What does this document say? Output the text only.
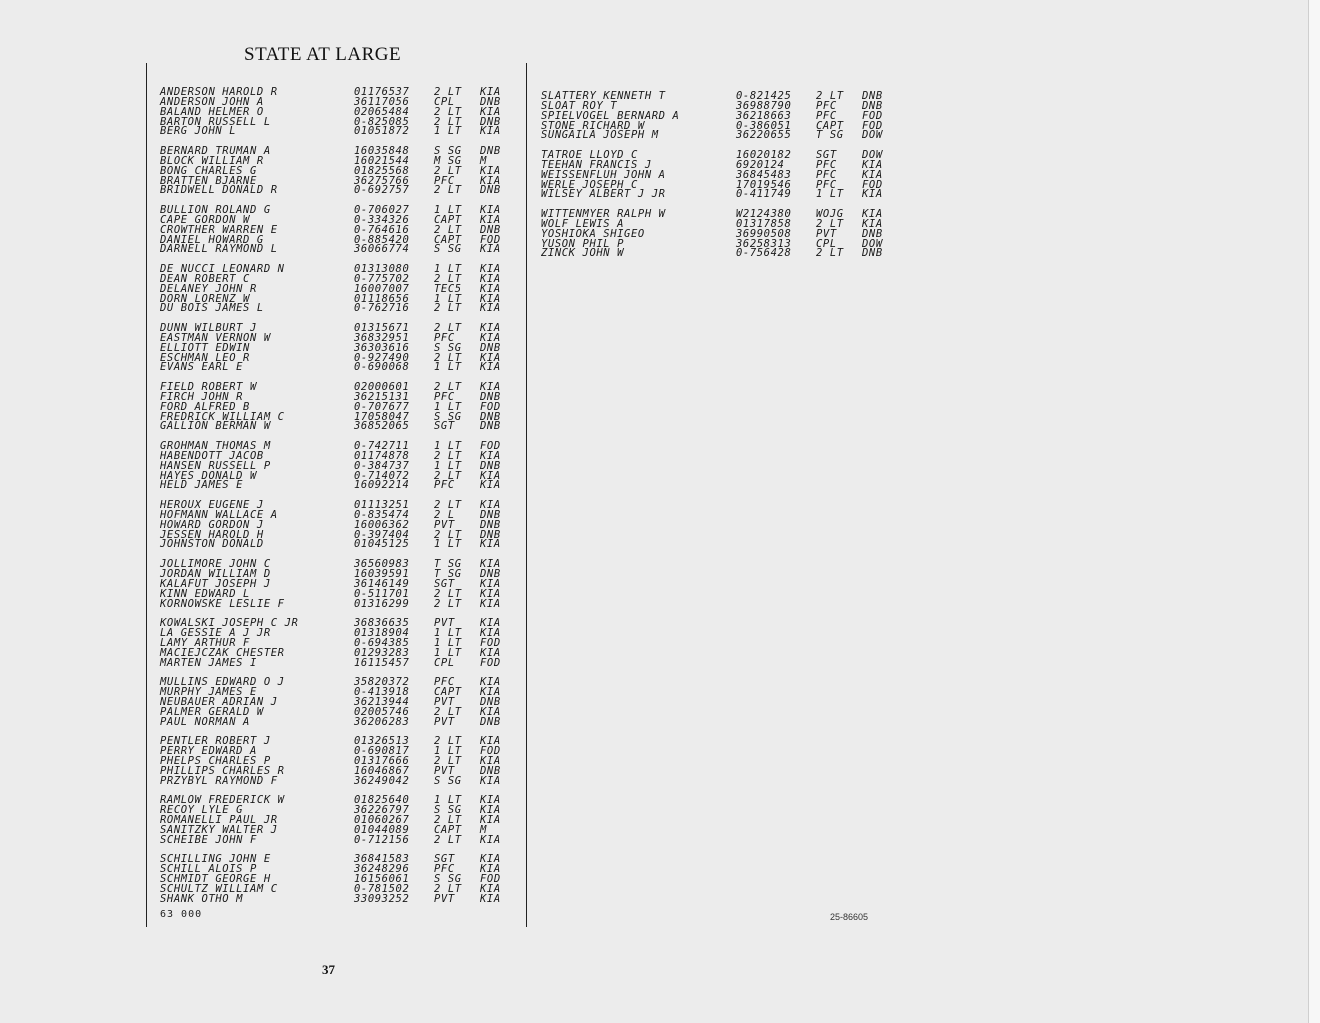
STATE AT LARGE
ANDERSON HAROLD R	01176537 2 LT KIA
ANDERSON JOHN A	36117056 CPL DNB
BALAND HELMER O	02065484 2 LT KIA
BARTON RUSSELL L	0-825085 2 LT DNB
BERG JOHN L	01051872 1 LT KIA
BERNARD TRUMAN A	16035848 S SG DNB
BLOCK WILLIAM R	16021544 M SG M
BONG CHARLES G	01825568 2 LT KIA
BRATTEN BJARNE	36275766 PFC KIA
BRIDWELL DONALD R	0-692757 2 LT DNB
BULLION ROLAND G	0-706027 1 LT KIA
CAPE GORDON W	0-334326 CAPT KIA
CROWTHER WARREN E	0-764616 2 LT DNB
DANIEL HOWARD G	0-885420 CAPT FOD
DARNELL RAYMOND L	36066774 S SG KIA
DE NUCCI LEONARD N	01313080 1 LT KIA
DEAN ROBERT C	0-775702 2 LT KIA
DELANEY JOHN R	16007007 TEC5 KIA
DORN LORENZ W	01118656 1 LT KIA
DU BOIS JAMES L	0-762716 2 LT KIA
DUNN WILBURT J	01315671 2 LT KIA
EASTMAN VERNON W	36832951 PFC KIA
ELLIOTT EDWIN	36303616 S SG DNB
ESCHMAN LEO R	0-927490 2 LT KIA
EVANS EARL E	0-690068 1 LT KIA
FIELD ROBERT W	02000601 2 LT KIA
FIRCH JOHN R	36215131 PFC DNB
FORD ALFRED B	0-707677 1 LT FOD
FREDRICK WILLIAM C	17058047 S SG DNB
GALLION BERMAN W	36852065 SGT DNB
GROHMAN THOMAS M	0-742711 1 LT FOD
HABENDOTT JACOB	01174878 2 LT KIA
HANSEN RUSSELL P	0-384737 1 LT DNB
HAYES DONALD W	0-714072 2 LT KIA
HELD JAMES E	16092214 PFC KIA
HEROUX EUGENE J	01113251 2 LT KIA
HOFMANN WALLACE A	0-835474 2 L DNB
HOWARD GORDON J	16006362 PVT DNB
JESSEN HAROLD H	0-397404 2 LT DNB
JOHNSTON DONALD	01045125 1 LT KIA
JOLLIMORE JOHN C	36560983 T SG KIA
JORDAN WILLIAM D	16039591 T SG DNB
KALAFUT JOSEPH J	36146149 SGT KIA
KINN EDWARD L	0-511701 2 LT KIA
KORNOWSKE LESLIE F	01316299 2 LT KIA
KOWALSKI JOSEPH C JR	36836635 PVT KIA
LA GESSIE A J JR	01318904 1 LT KIA
LAMY ARTHUR F	0-694385 1 LT FOD
MACIEJCZAK CHESTER	01293283 1 LT KIA
MARTEN JAMES I	16115457 CPL FOD
MULLINS EDWARD O J	35820372 PFC KIA
MURPHY JAMES E	0-413918 CAPT KIA
NEUBAUER ADRIAN J	36213944 PVT DNB
PALMER GERALD W	02005746 2 LT KIA
PAUL NORMAN A	36206283 PVT DNB
PENTLER ROBERT J	01326513 2 LT KIA
PERRY EDWARD A	0-690817 1 LT FOD
PHELPS CHARLES P	01317666 2 LT KIA
PHILLIPS CHARLES R	16046867 PVT DNB
PRZYBYL RAYMOND F	36249042 S SG KIA
RAMLOW FREDERICK W	01825640 1 LT KIA
RECOY LYLE G	36226797 S SG KIA
ROMANELLI PAUL JR	01060267 2 LT KIA
SANITZKY WALTER J	01044089 CAPT M
SCHEIBE JOHN F	0-712156 2 LT KIA
SCHILLING JOHN E	36841583 SGT KIA
SCHILL ALOIS P	36248296 PFC KIA
SCHMIDT GEORGE H	16156061 S SG FOD
SCHULTZ WILLIAM C	0-781502 2 LT KIA
SHANK OTHO M	33093252 PVT KIA
SLATTERY KENNETH T	0-821425 2 LT DNB
SLOAT ROY T	36988790 PFC DNB
SPIELVOGEL BERNARD A	36218663 PFC FOD
STONE RICHARD W	0-386051 CAPT FOD
SUNGAILA JOSEPH M	36220655 T SG DOW
TATROE LLOYD C	16020182 SGT DOW
TEEHAN FRANCIS J	6920124	PFC KIA
WEISSENFLUH JOHN A	36845483 PFC KIA
WERLE JOSEPH C	17019546 PFC FOD
WILSEY ALBERT J JR	0-411749 1 LT KIA
WITTENMYER RALPH W	W2124380 WOJG KIA
WOLF LEWIS A	01317858 2 LT KIA
YOSHIOKA SHIGEO	36990508 PVT DNB
YUSON PHIL P	36258313 CPL DOW
ZINCK JOHN W	0-756428 2 LT DNB
63 000
37
25-86605
